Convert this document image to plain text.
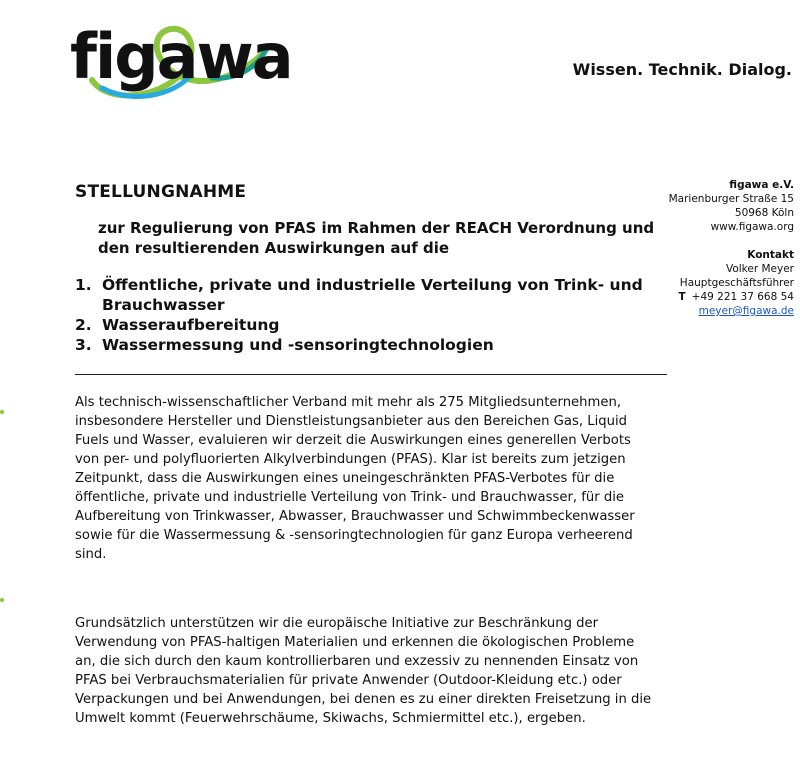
figawa	Wissen. Technik. Dialog.
STELLUNGNAHME
zur Regulierung von PFAS im Rahmen der REACH Verordnung und den resultierenden Auswirkungen auf die
1. Öffentliche, private und industrielle Verteilung von Trink- und Brauchwasser
2. Wasseraufbereitung
3. Wassermessung und -sensoringtechnologien
figawa e.V.
Marienburger Straße 15
50968 Köln
www.figawa.org
Kontakt
Volker Meyer
Hauptgeschäftsführer
T +49 221 37 668 54
meyer@figawa.de
Als technisch-wissenschaftlicher Verband mit mehr als 275 Mitgliedsunternehmen, insbesondere Hersteller und Dienstleistungsanbieter aus den Bereichen Gas, Liquid Fuels und Wasser, evaluieren wir derzeit die Auswirkungen eines generellen Verbots von per- und polyfluorierten Alkylverbindungen (PFAS). Klar ist bereits zum jetzigen Zeitpunkt, dass die Auswirkungen eines uneingeschränkten PFAS-Verbotes für die öffentliche, private und industrielle Verteilung von Trink- und Brauchwasser, für die Aufbereitung von Trinkwasser, Abwasser, Brauchwasser und Schwimmbeckenwasser sowie für die Wassermessung & -sensoringtechnologien für ganz Europa verheerend sind.
Grundsätzlich unterstützen wir die europäische Initiative zur Beschränkung der Verwendung von PFAS-haltigen Materialien und erkennen die ökologischen Probleme an, die sich durch den kaum kontrollierbaren und exzessiv zu nennenden Einsatz von PFAS bei Verbrauchsmaterialien für private Anwender (Outdoor-Kleidung etc.) oder Verpackungen und bei Anwendungen, bei denen es zu einer direkten Freisetzung in die Umwelt kommt (Feuerwehrschäume, Skiwachs, Schmiermittel etc.), ergeben.
